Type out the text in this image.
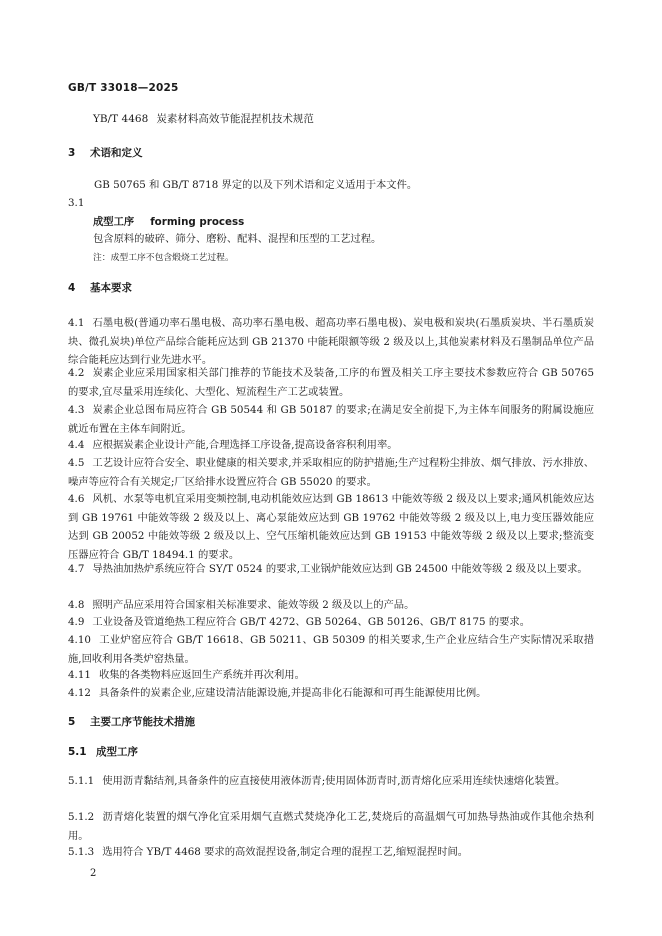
GB/T 33018—2025
YB/T 4468 炭素材料高效节能混捏机技术规范
3 术语和定义
GB 50765 和 GB/T 8718 界定的以及下列术语和定义适用于本文件。
3.1
成型工序 forming process
包含原料的破碎、筛分、磨粉、配料、混捏和压型的工艺过程。
注：成型工序不包含煅烧工艺过程。
4 基本要求
4.1 石墨电极(普通功率石墨电极、高功率石墨电极、超高功率石墨电极)、炭电极和炭块(石墨质炭块、半石墨质炭块、微孔炭块)单位产品综合能耗应达到 GB 21370 中能耗限额等级 2 级及以上,其他炭素材料及石墨制品单位产品综合能耗应达到行业先进水平。
4.2 炭素企业应采用国家相关部门推荐的节能技术及装备,工序的布置及相关工序主要技术参数应符合 GB 50765 的要求,宜尽量采用连续化、大型化、短流程生产工艺或装置。
4.3 炭素企业总图布局应符合 GB 50544 和 GB 50187 的要求;在满足安全前提下,为主体车间服务的附属设施应就近布置在主体车间附近。
4.4 应根据炭素企业设计产能,合理选择工序设备,提高设备容积利用率。
4.5 工艺设计应符合安全、职业健康的相关要求,并采取相应的防护措施;生产过程粉尘排放、烟气排放、污水排放、噪声等应符合有关规定;厂区给排水设置应符合 GB 55020 的要求。
4.6 风机、水泵等电机宜采用变频控制,电动机能效应达到 GB 18613 中能效等级 2 级及以上要求;通风机能效应达到 GB 19761 中能效等级 2 级及以上、离心泵能效应达到 GB 19762 中能效等级 2 级及以上,电力变压器效能应达到 GB 20052 中能效等级 2 级及以上、空气压缩机能效应达到 GB 19153 中能效等级 2 级及以上要求;整流变压器应符合 GB/T 18494.1 的要求。
4.7 导热油加热炉系统应符合 SY/T 0524 的要求,工业锅炉能效应达到 GB 24500 中能效等级 2 级及以上要求。
4.8 照明产品应采用符合国家相关标准要求、能效等级 2 级及以上的产品。
4.9 工业设备及管道绝热工程应符合 GB/T 4272、GB 50264、GB 50126、GB/T 8175 的要求。
4.10 工业炉窑应符合 GB/T 16618、GB 50211、GB 50309 的相关要求,生产企业应结合生产实际情况采取措施,回收利用各类炉窑热量。
4.11 收集的各类物料应返回生产系统并再次利用。
4.12 具备条件的炭素企业,应建设清洁能源设施,并提高非化石能源和可再生能源使用比例。
5 主要工序节能技术措施
5.1 成型工序
5.1.1 使用沥青黏结剂,具备条件的应直接使用液体沥青;使用固体沥青时,沥青熔化应采用连续快速熔化装置。
5.1.2 沥青熔化装置的烟气净化宜采用烟气直燃式焚烧净化工艺,焚烧后的高温烟气可加热导热油或作其他余热利用。
5.1.3 选用符合 YB/T 4468 要求的高效混捏设备,制定合理的混捏工艺,缩短混捏时间。
2
